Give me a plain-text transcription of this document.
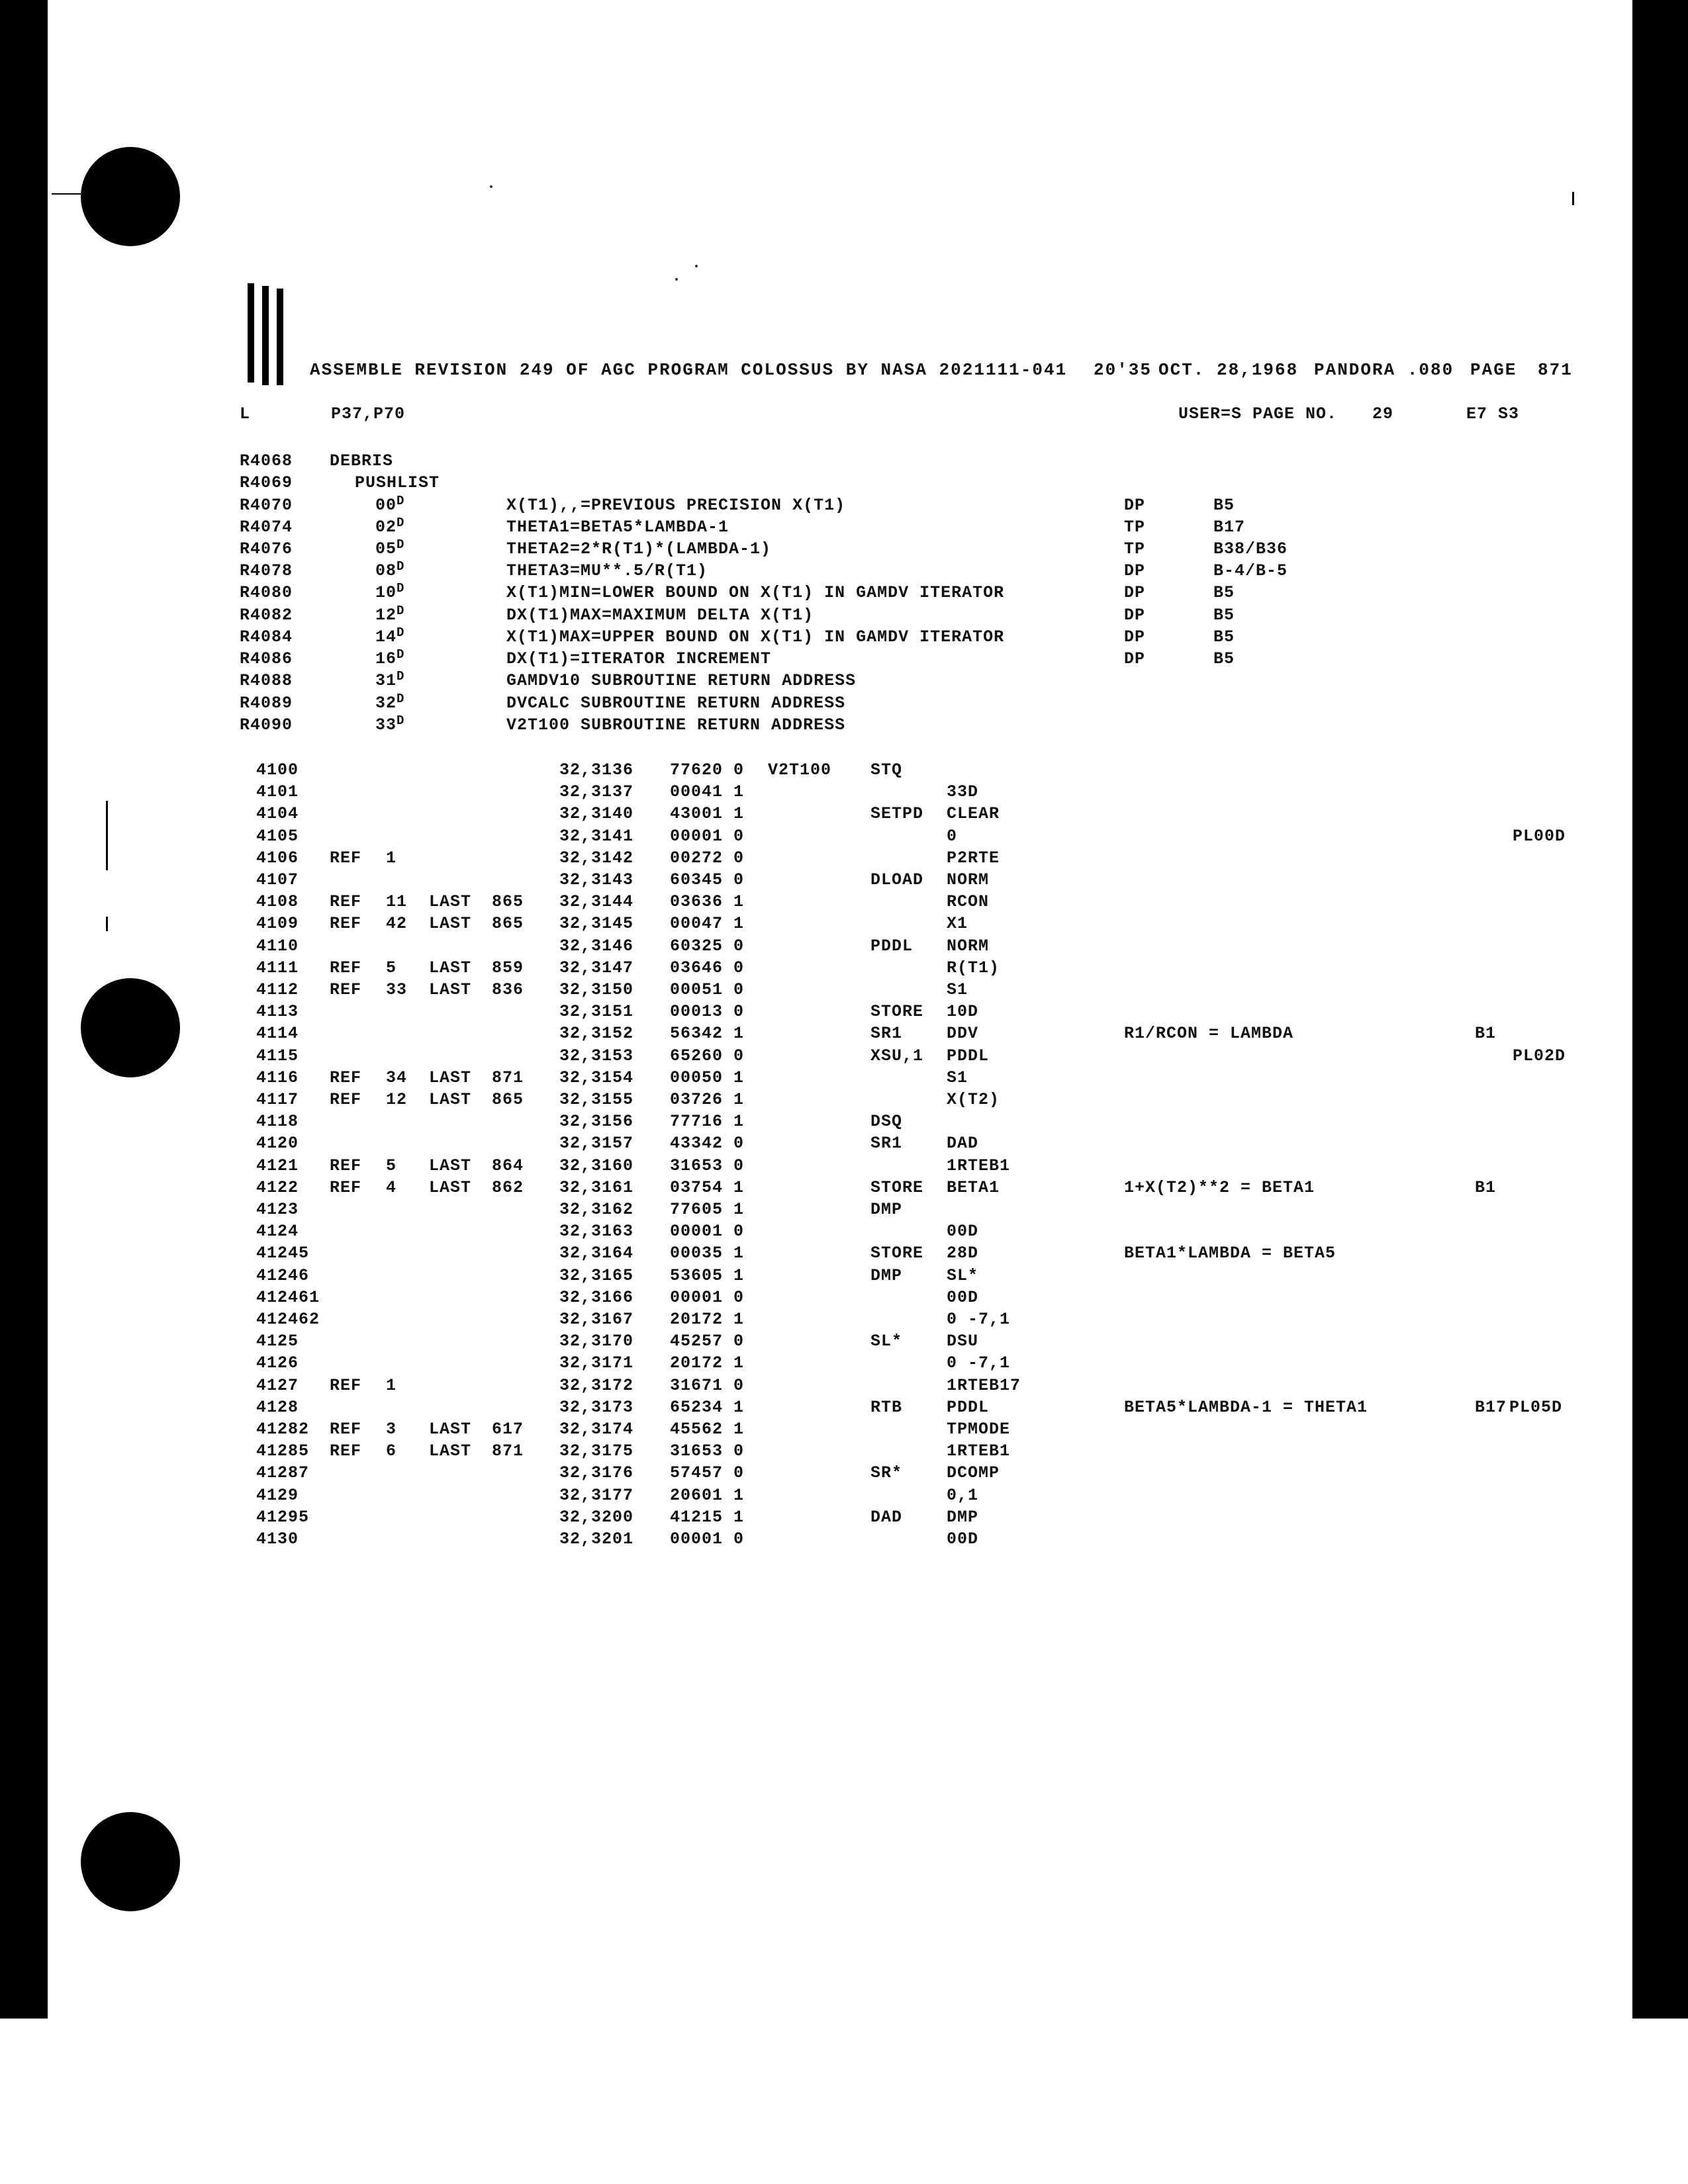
ASSEMBLE REVISION 249 OF AGC PROGRAM COLOSSUS BY NASA 2021111-041 20'35 OCT. 28,1968 PANDORA .080 PAGE 871
L	P37,P70	USER=S PAGE NO. 29	E7 S3
R4068 DEBRIS
R4069	PUSHLIST
R4070	$00^D$	X(T1),,=PREVIOUS PRECISION X(T1)	DP	B5
R4074	$02^D$	THETA1=BETA5*LAMBDA-1	TP	B17
R4076	$05^D$	THETA2=2*R(T1)*(LAMBDA-1)	TP	B38/B36
R4078	$08^D$	THETA3=MU**.5/R(T1)	DP	B-4/B-5
R4080	$10^D$	X(T1)MIN=LOWER BOUND ON X(T1) IN GAMDV ITERATOR	DP	B5
R4082	$12^D$	DX(T1)MAX=MAXIMUM DELTA X(T1)	DP	B5
R4084	$14^D$	X(T1)MAX=UPPER BOUND ON X(T1) IN GAMDV ITERATOR	DP	B5
R4086	$16^D$	DX(T1)=ITERATOR INCREMENT	DP	B5
R4088	$31^D$	GAMDV10 SUBROUTINE RETURN ADDRESS
R4089	$32^D$	DVCALC SUBROUTINE RETURN ADDRESS
R4090	$33^D$	V2T100 SUBROUTINE RETURN ADDRESS
4100	32,3136 77620 0 V2T100 STQ
4101	32,3137 00041 1	33D
4104	32,3140 43001 1	SETPD CLEAR
4105	32,3141 00001 0	0	PL00D
4106 REF 1	32,3142 00272 0	P2RTE
4107	32,3143 60345 0	DLOAD NORM
4108 REF 11 LAST 865 32,3144 03636 1	RCON
4109 REF 42 LAST 865 32,3145 00047 1	X1
4110	32,3146 60325 0	PDDL NORM
4111 REF 5 LAST 859 32,3147 03646 0	R(T1)
4112 REF 33 LAST 836 32,3150 00051 0	S1
4113	32,3151 00013 0	STORE 10D
4114	32,3152 56342 1	SR1	DDV	R1/RCON = LAMBDA	B1
4115	32,3153 65260 0	XSU,1 PDDL	PL02D
4116 REF 34 LAST 871 32,3154 00050 1	S1
4117 REF 12 LAST 865 32,3155 03726 1	X(T2)
4118	32,3156 77716 1	DSQ
4120	32,3157 43342 0	SR1	DAD
4121 REF 5 LAST 864 32,3160 31653 0	1RTEB1
4122 REF 4 LAST 862 32,3161 03754 1	STORE BETA1	1+X(T2)**2 = BETA1	B1
4123	32,3162 77605 1	DMP
4124	32,3163 00001 0	00D
41245	32,3164 00035 1	STORE 28D	BETA1*LAMBDA = BETA5
41246	32,3165 53605 1	DMP	SL*
412461	32,3166 00001 0	00D
412462	32,3167 20172 1	0 -7,1
4125	32,3170 45257 0	SL*	DSU
4126	32,3171 20172 1	0 -7,1
4127 REF 1	32,3172 31671 0	1RTEB17
4128	32,3173 65234 1	RTB	PDDL	BETA5*LAMBDA-1 = THETA1	B17 PL05D
41282 REF 3 LAST 617 32,3174 45562 1	TPMODE
41285 REF 6 LAST 871 32,3175 31653 0	1RTEB1
41287	32,3176 57457 0	SR*	DCOMP
4129	32,3177 20601 1	0,1
41295	32,3200 41215 1	DAD	DMP
4130	32,3201 00001 0	00D
